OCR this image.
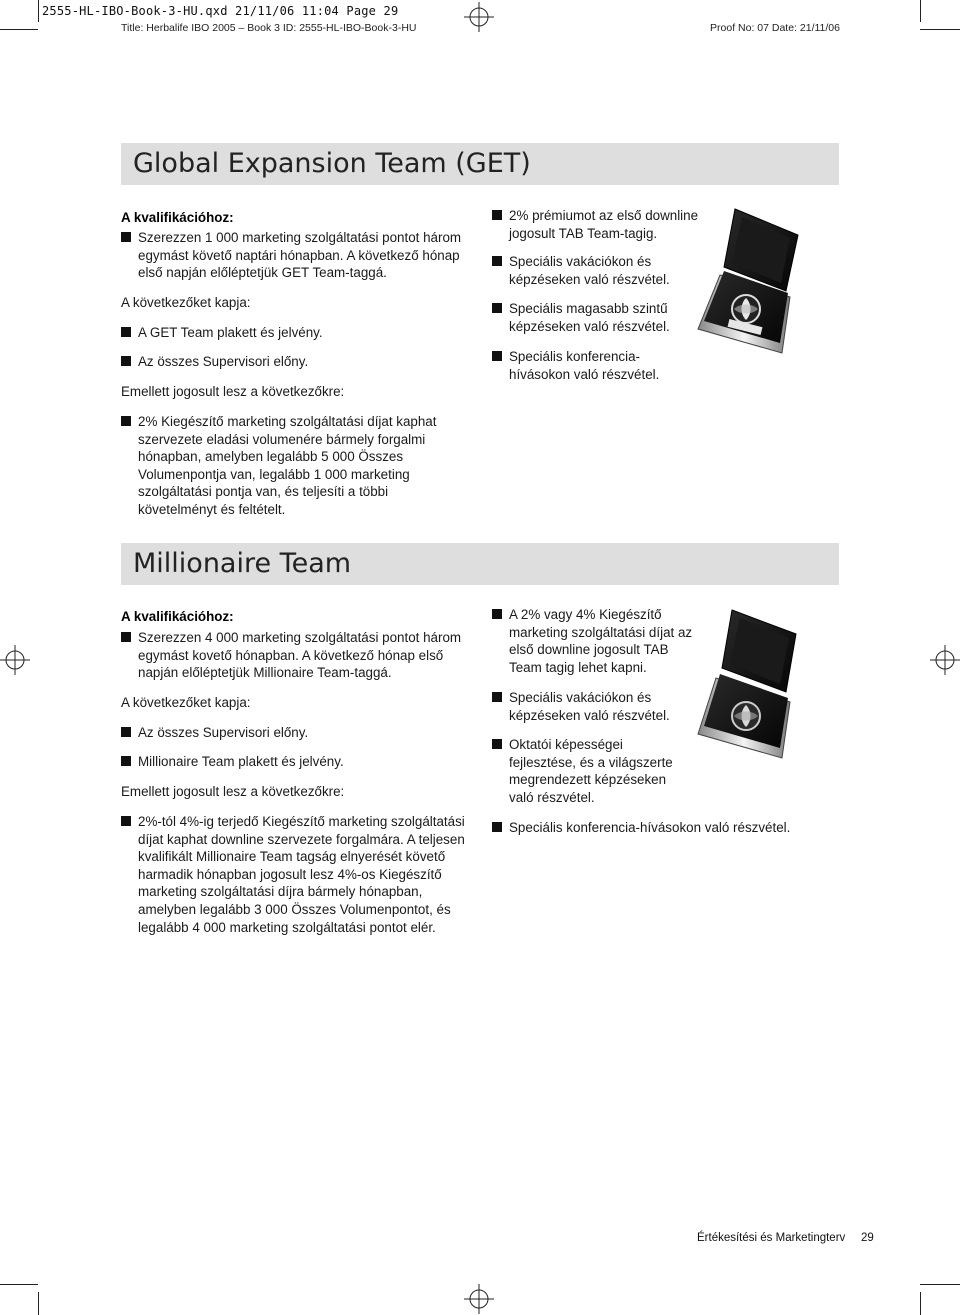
2555-HL-IBO-Book-3-HU.qxd 21/11/06 11:04 Page 29
Title: Herbalife IBO 2005 – Book 3 ID: 2555-HL-IBO-Book-3-HU	Proof No: 07 Date: 21/11/06
Global Expansion Team (GET)
A kvalifikációhoz:
Szerezzen 1 000 marketing szolgáltatási pontot három
egymást követő naptári hónapban. A következő hónap
első napján előléptetjük GET Team-taggá.
A következőket kapja:
A GET Team plakett és jelvény.
Az összes Supervisori előny.
Emellett jogosult lesz a következőkre:
2% Kiegészítő marketing szolgáltatási díjat kaphat
szervezete eladási volumenére bármely forgalmi
hónapban, amelyben legalább 5 000 Összes
Volumenpontja van, legalább 1 000 marketing
szolgáltatási pontja van, és teljesíti a többi
követelményt és feltételt.
2% prémiumot az első downline
jogosult TAB Team-tagig.
Speciális vakációkon és
képzéseken való részvétel.
Speciális magasabb szintű
képzéseken való részvétel.
Speciális konferencia-
hívásokon való részvétel.
Millionaire Team
A kvalifikációhoz:
Szerezzen 4 000 marketing szolgáltatási pontot három
egymást kovető hónapban. A következő hónap első
napján előléptetjük Millionaire Team-taggá.
A következőket kapja:
Az összes Supervisori előny.
Millionaire Team plakett és jelvény.
Emellett jogosult lesz a következőkre:
2%-tól 4%-ig terjedő Kiegészítő marketing szolgáltatási
díjat kaphat downline szervezete forgalmára. A teljesen
kvalifikált Millionaire Team tagság elnyerését követő
harmadik hónapban jogosult lesz 4%-os Kiegészítő
marketing szolgáltatási díjra bármely hónapban,
amelyben legalább 3 000 Összes Volumenpontot, és
legalább 4 000 marketing szolgáltatási pontot elér.
A 2% vagy 4% Kiegészítő
marketing szolgáltatási díjat az
első downline jogosult TAB
Team tagig lehet kapni.
Speciális vakációkon és
képzéseken való részvétel.
Oktatói képességei
fejlesztése, és a világszerte
megrendezett képzéseken
való részvétel.
Speciális konferencia-hívásokon való részvétel.
Értékesítési és Marketingterv 29
